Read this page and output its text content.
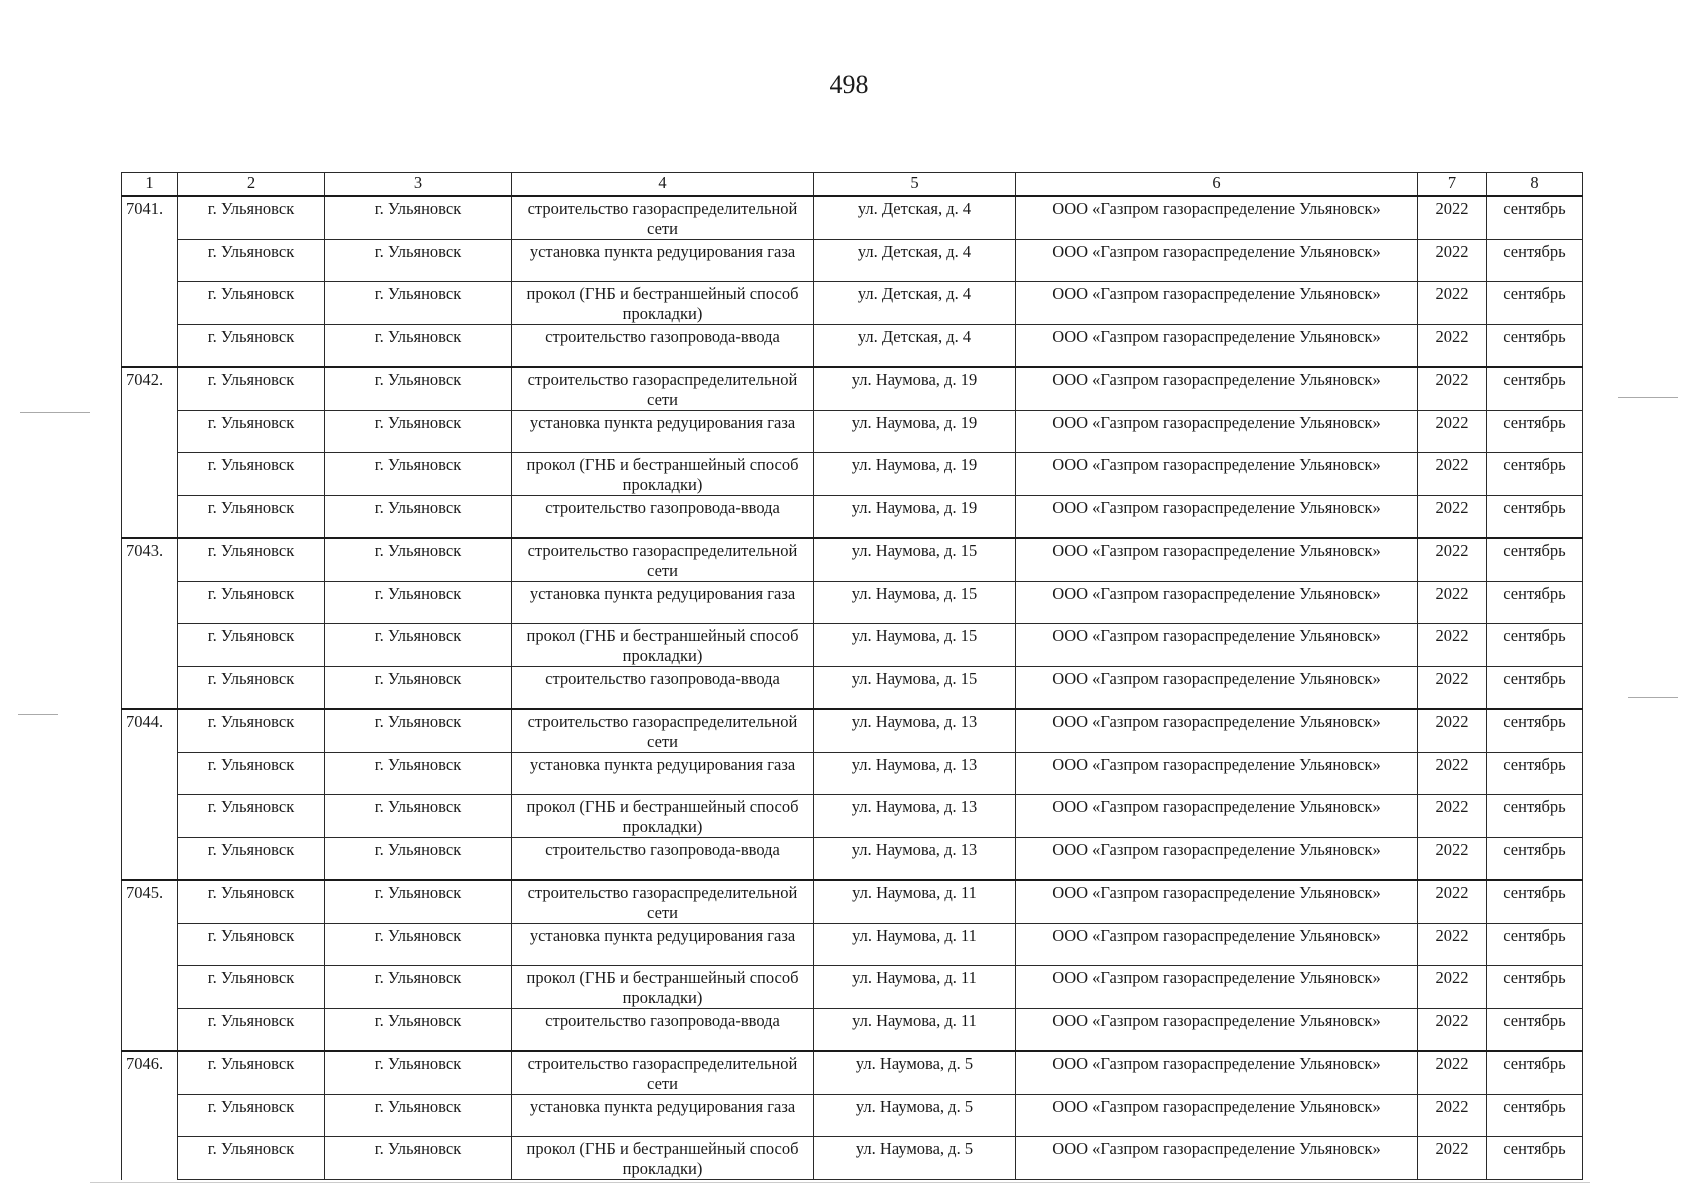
498
1	2	3	4	5	6	7	8
7041.	г. Ульяновск	г. Ульяновск	строительство газораспределительной сети	ул. Детская, д. 4	ООО «Газпром газораспределение Ульяновск»	2022	сентябрь
	г. Ульяновск	г. Ульяновск	установка пункта редуцирования газа	ул. Детская, д. 4	ООО «Газпром газораспределение Ульяновск»	2022	сентябрь
	г. Ульяновск	г. Ульяновск	прокол (ГНБ и бестраншейный способ прокладки)	ул. Детская, д. 4	ООО «Газпром газораспределение Ульяновск»	2022	сентябрь
	г. Ульяновск	г. Ульяновск	строительство газопровода-ввода	ул. Детская, д. 4	ООО «Газпром газораспределение Ульяновск»	2022	сентябрь
7042.	г. Ульяновск	г. Ульяновск	строительство газораспределительной сети	ул. Наумова, д. 19	ООО «Газпром газораспределение Ульяновск»	2022	сентябрь
	г. Ульяновск	г. Ульяновск	установка пункта редуцирования газа	ул. Наумова, д. 19	ООО «Газпром газораспределение Ульяновск»	2022	сентябрь
	г. Ульяновск	г. Ульяновск	прокол (ГНБ и бестраншейный способ прокладки)	ул. Наумова, д. 19	ООО «Газпром газораспределение Ульяновск»	2022	сентябрь
	г. Ульяновск	г. Ульяновск	строительство газопровода-ввода	ул. Наумова, д. 19	ООО «Газпром газораспределение Ульяновск»	2022	сентябрь
7043.	г. Ульяновск	г. Ульяновск	строительство газораспределительной сети	ул. Наумова, д. 15	ООО «Газпром газораспределение Ульяновск»	2022	сентябрь
	г. Ульяновск	г. Ульяновск	установка пункта редуцирования газа	ул. Наумова, д. 15	ООО «Газпром газораспределение Ульяновск»	2022	сентябрь
	г. Ульяновск	г. Ульяновск	прокол (ГНБ и бестраншейный способ прокладки)	ул. Наумова, д. 15	ООО «Газпром газораспределение Ульяновск»	2022	сентябрь
	г. Ульяновск	г. Ульяновск	строительство газопровода-ввода	ул. Наумова, д. 15	ООО «Газпром газораспределение Ульяновск»	2022	сентябрь
7044.	г. Ульяновск	г. Ульяновск	строительство газораспределительной сети	ул. Наумова, д. 13	ООО «Газпром газораспределение Ульяновск»	2022	сентябрь
	г. Ульяновск	г. Ульяновск	установка пункта редуцирования газа	ул. Наумова, д. 13	ООО «Газпром газораспределение Ульяновск»	2022	сентябрь
	г. Ульяновск	г. Ульяновск	прокол (ГНБ и бестраншейный способ прокладки)	ул. Наумова, д. 13	ООО «Газпром газораспределение Ульяновск»	2022	сентябрь
	г. Ульяновск	г. Ульяновск	строительство газопровода-ввода	ул. Наумова, д. 13	ООО «Газпром газораспределение Ульяновск»	2022	сентябрь
7045.	г. Ульяновск	г. Ульяновск	строительство газораспределительной сети	ул. Наумова, д. 11	ООО «Газпром газораспределение Ульяновск»	2022	сентябрь
	г. Ульяновск	г. Ульяновск	установка пункта редуцирования газа	ул. Наумова, д. 11	ООО «Газпром газораспределение Ульяновск»	2022	сентябрь
	г. Ульяновск	г. Ульяновск	прокол (ГНБ и бестраншейный способ прокладки)	ул. Наумова, д. 11	ООО «Газпром газораспределение Ульяновск»	2022	сентябрь
	г. Ульяновск	г. Ульяновск	строительство газопровода-ввода	ул. Наумова, д. 11	ООО «Газпром газораспределение Ульяновск»	2022	сентябрь
7046.	г. Ульяновск	г. Ульяновск	строительство газораспределительной сети	ул. Наумова, д. 5	ООО «Газпром газораспределение Ульяновск»	2022	сентябрь
	г. Ульяновск	г. Ульяновск	установка пункта редуцирования газа	ул. Наумова, д. 5	ООО «Газпром газораспределение Ульяновск»	2022	сентябрь
	г. Ульяновск	г. Ульяновск	прокол (ГНБ и бестраншейный способ прокладки)	ул. Наумова, д. 5	ООО «Газпром газораспределение Ульяновск»	2022	сентябрь
